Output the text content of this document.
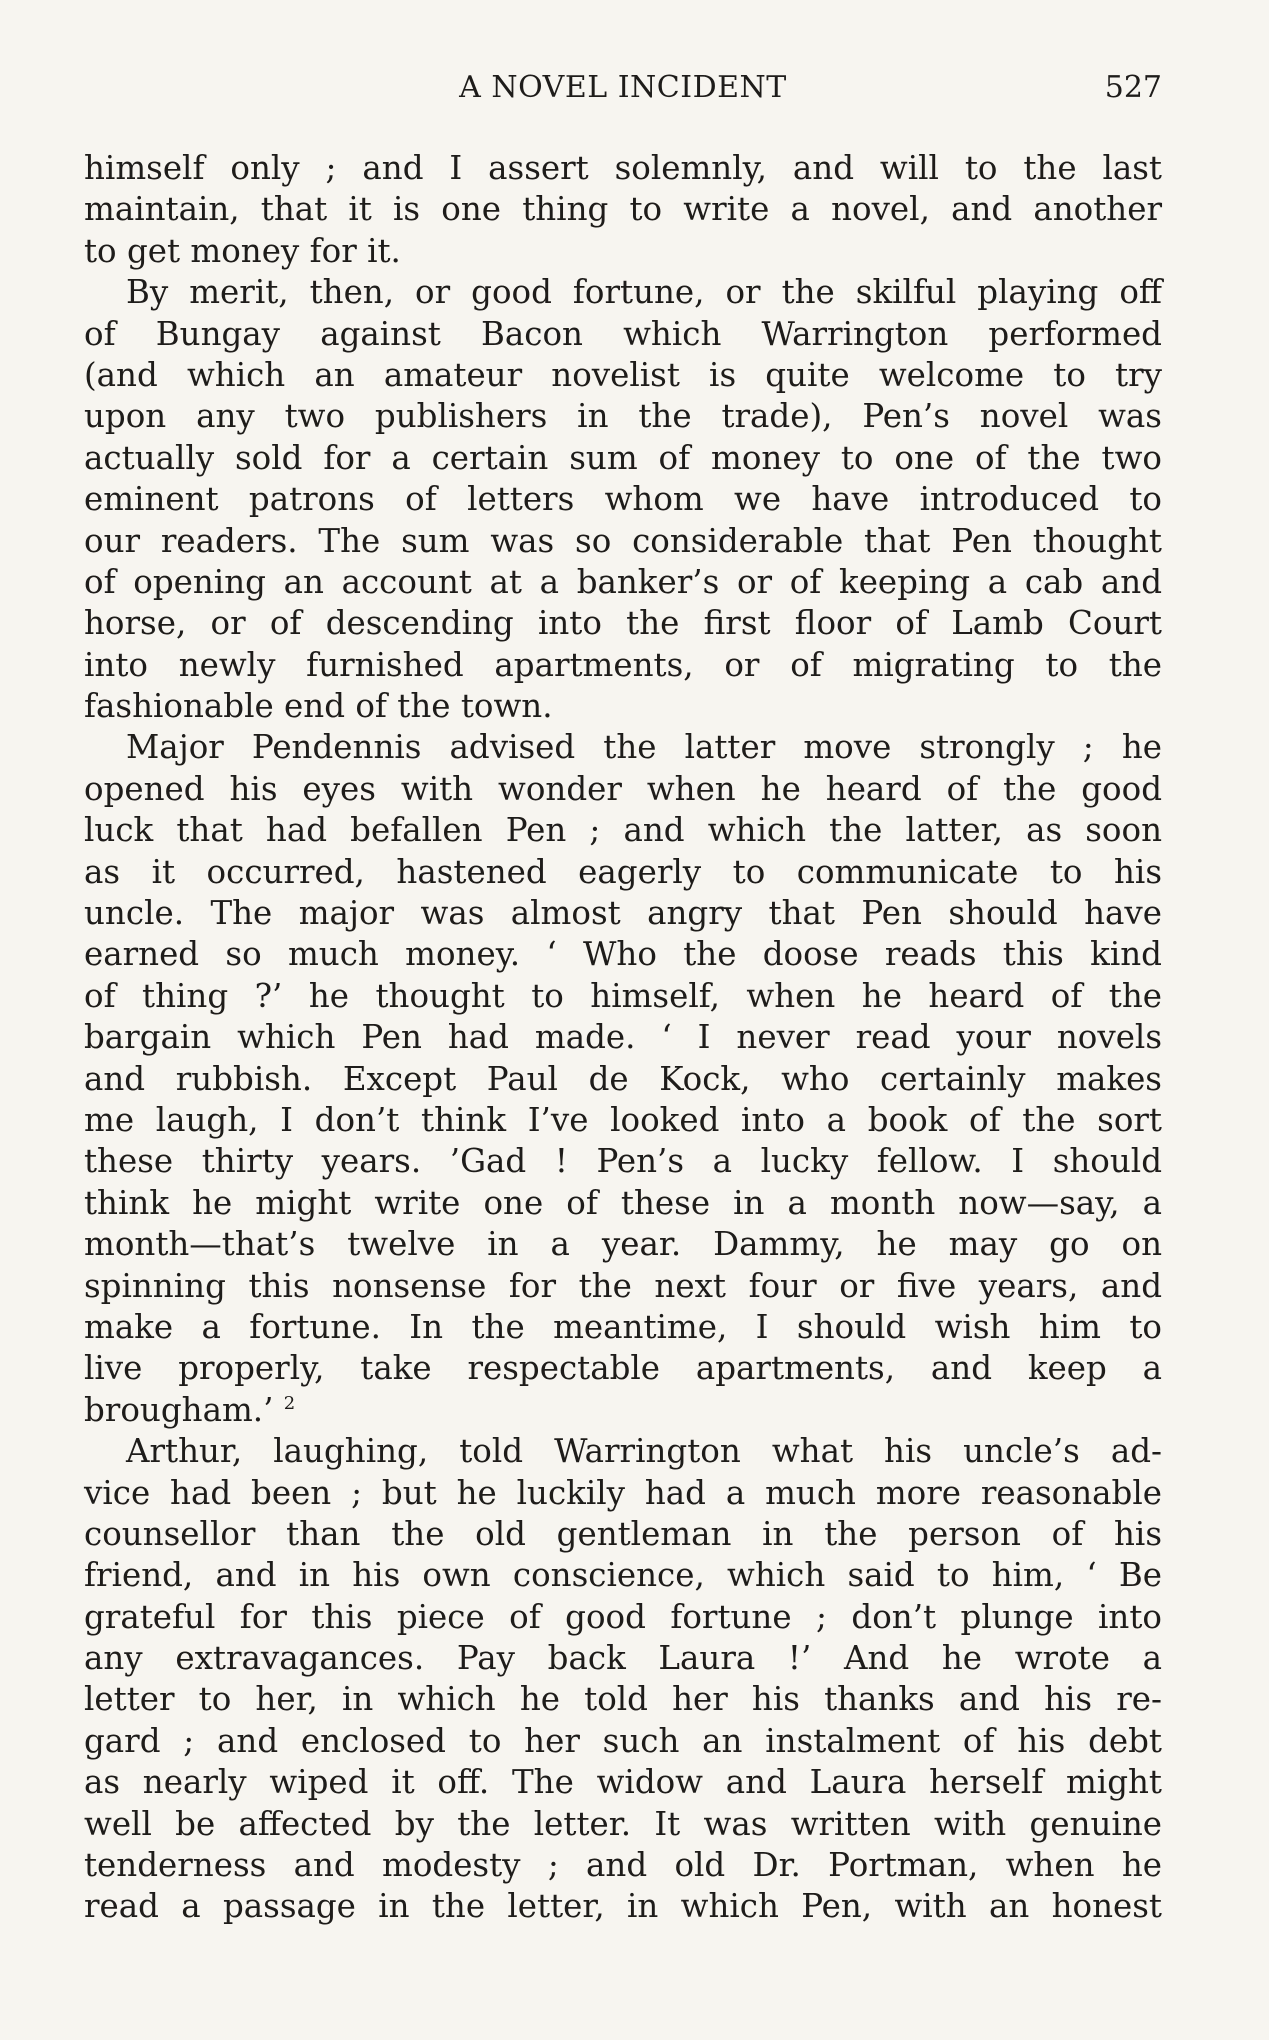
A NOVEL INCIDENT	527
himself only ; and I assert solemnly, and will to the last
maintain, that it is one thing to write a novel, and another
to get money for it.
By merit, then, or good fortune, or the skilful playing off
of Bungay against Bacon which Warrington performed
(and which an amateur novelist is quite welcome to try
upon any two publishers in the trade), Pen’s novel was
actually sold for a certain sum of money to one of the two
eminent patrons of letters whom we have introduced to
our readers. The sum was so considerable that Pen thought
of opening an account at a banker’s or of keeping a cab and
horse, or of descending into the first floor of Lamb Court
into newly furnished apartments, or of migrating to the
fashionable end of the town.
Major Pendennis advised the latter move strongly ; he
opened his eyes with wonder when he heard of the good
luck that had befallen Pen ; and which the latter, as soon
as it occurred, hastened eagerly to communicate to his
uncle. The major was almost angry that Pen should have
earned so much money. ‘ Who the doose reads this kind
of thing ?’ he thought to himself, when he heard of the
bargain which Pen had made. ‘ I never read your novels
and rubbish. Except Paul de Kock, who certainly makes
me laugh, I don’t think I’ve looked into a book of the sort
these thirty years. ’Gad ! Pen’s a lucky fellow. I should
think he might write one of these in a month now—say, a
month—that’s twelve in a year. Dammy, he may go on
spinning this nonsense for the next four or five years, and
make a fortune. In the meantime, I should wish him to
live properly, take respectable apartments, and keep a
brougham.’ $^2$
Arthur, laughing, told Warrington what his uncle’s ad-
vice had been ; but he luckily had a much more reasonable
counsellor than the old gentleman in the person of his
friend, and in his own conscience, which said to him, ‘ Be
grateful for this piece of good fortune ; don’t plunge into
any extravagances. Pay back Laura !’ And he wrote a
letter to her, in which he told her his thanks and his re-
gard ; and enclosed to her such an instalment of his debt
as nearly wiped it off. The widow and Laura herself might
well be affected by the letter. It was written with genuine
tenderness and modesty ; and old Dr. Portman, when he
read a passage in the letter, in which Pen, with an honest
